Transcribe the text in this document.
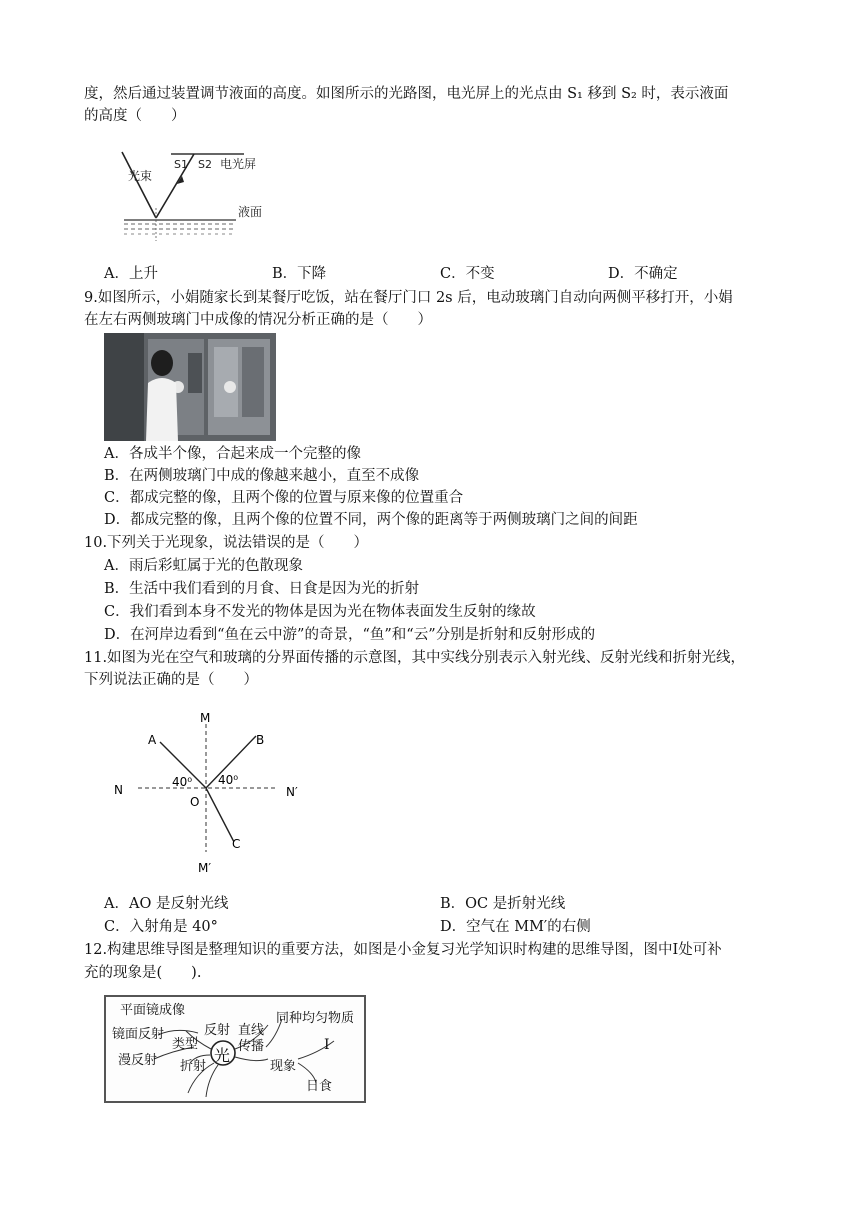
度，然后通过装置调节液面的高度。如图所示的光路图，电光屏上的光点由 S₁ 移到 S₂ 时，表示液面
的高度（　　）
光束
S1 S2 电光屏
液面
A．上升	B．下降	C．不变	D．不确定
9.如图所示，小娟随家长到某餐厅吃饭，站在餐厅门口 2s 后，电动玻璃门自动向两侧平移打开，小娟
在左右两侧玻璃门中成像的情况分析正确的是（　　）
A．各成半个像，合起来成一个完整的像
B．在两侧玻璃门中成的像越来越小，直至不成像
C．都成完整的像，且两个像的位置与原来像的位置重合
D．都成完整的像，且两个像的位置不同，两个像的距离等于两侧玻璃门之间的间距
10.下列关于光现象，说法错误的是（　　）
A．雨后彩虹属于光的色散现象
B．生活中我们看到的月食、日食是因为光的折射
C．我们看到本身不发光的物体是因为光在物体表面发生反射的缘故
D．在河岸边看到“鱼在云中游”的奇景，“鱼”和“云”分别是折射和反射形成的
11.如图为光在空气和玻璃的分界面传播的示意图，其中实线分别表示入射光线、反射光线和折射光线，
下列说法正确的是（　　）
M
A	B
N	N′
O
C
M′
40⁰ 40⁰
A．AO 是反射光线	B．OC 是折射光线
C．入射角是 40°	D．空气在 MM′的右侧
12.构建思维导图是整理知识的重要方法，如图是小金复习光学知识时构建的思维导图，图中Ⅰ处可补
充的现象是(　　).
平面镜成像
镜面反射	反射
类型
漫反射 折射
光
直线
传播
同种均匀物质
Ⅰ
现象
日食
